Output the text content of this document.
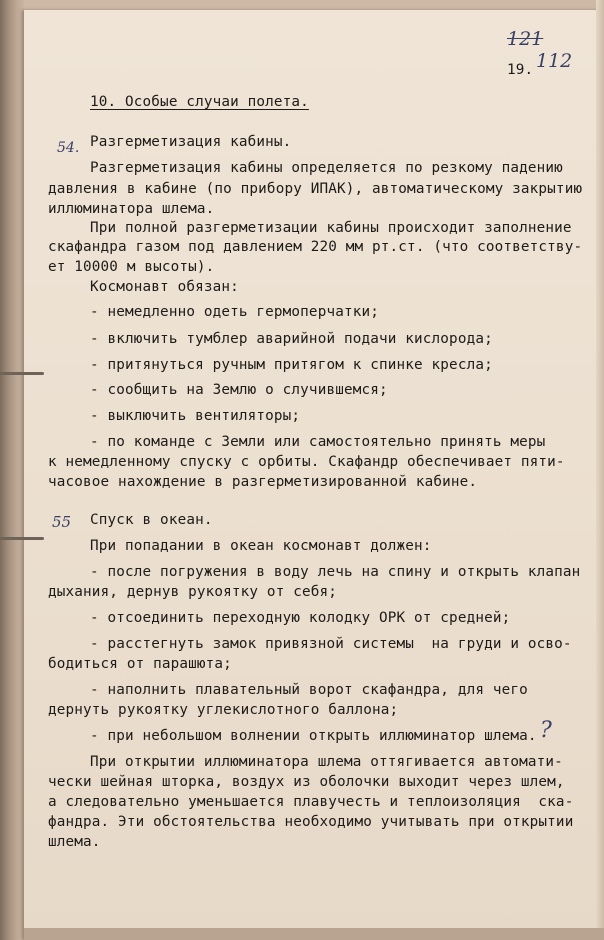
121
112
19.
10. Особые случаи полета.
54. Разгерметизация кабины.
Разгерметизация кабины определяется по резкому падению
давления в кабине (по прибору ИПАК), автоматическому закрытию
иллюминатора шлема.
При полной разгерметизации кабины происходит заполнение
скафандра газом под давлением 220 мм рт.ст. (что соответству-
ет 10000 м высоты).
Космонавт обязан:
- немедленно одеть гермоперчатки;
- включить тумблер аварийной подачи кислорода;
- притянуться ручным притягом к спинке кресла;
- сообщить на Землю о случившемся;
- выключить вентиляторы;
- по команде с Земли или самостоятельно принять меры
к немедленному спуску с орбиты. Скафандр обеспечивает пяти-
часовое нахождение в разгерметизированной кабине.
55 Спуск в океан.
При попадании в океан космонавт должен:
- после погружения в воду лечь на спину и открыть клапан
дыхания, дернув рукоятку от себя;
- отсоединить переходную колодку ОРК от средней;
- расстегнуть замок привязной системы  на груди и осво-
бодиться от парашюта;
- наполнить плавательный ворот скафандра, для чего
дернуть рукоятку углекислотного баллона;
- при небольшом волнении открыть иллюминатор шлема. ?
При открытии иллюминатора шлема оттягивается автомати-
чески шейная шторка, воздух из оболочки выходит через шлем,
а следовательно уменьшается плавучесть и теплоизоляция  ска-
фандра. Эти обстоятельства необходимо учитывать при открытии
шлема.
